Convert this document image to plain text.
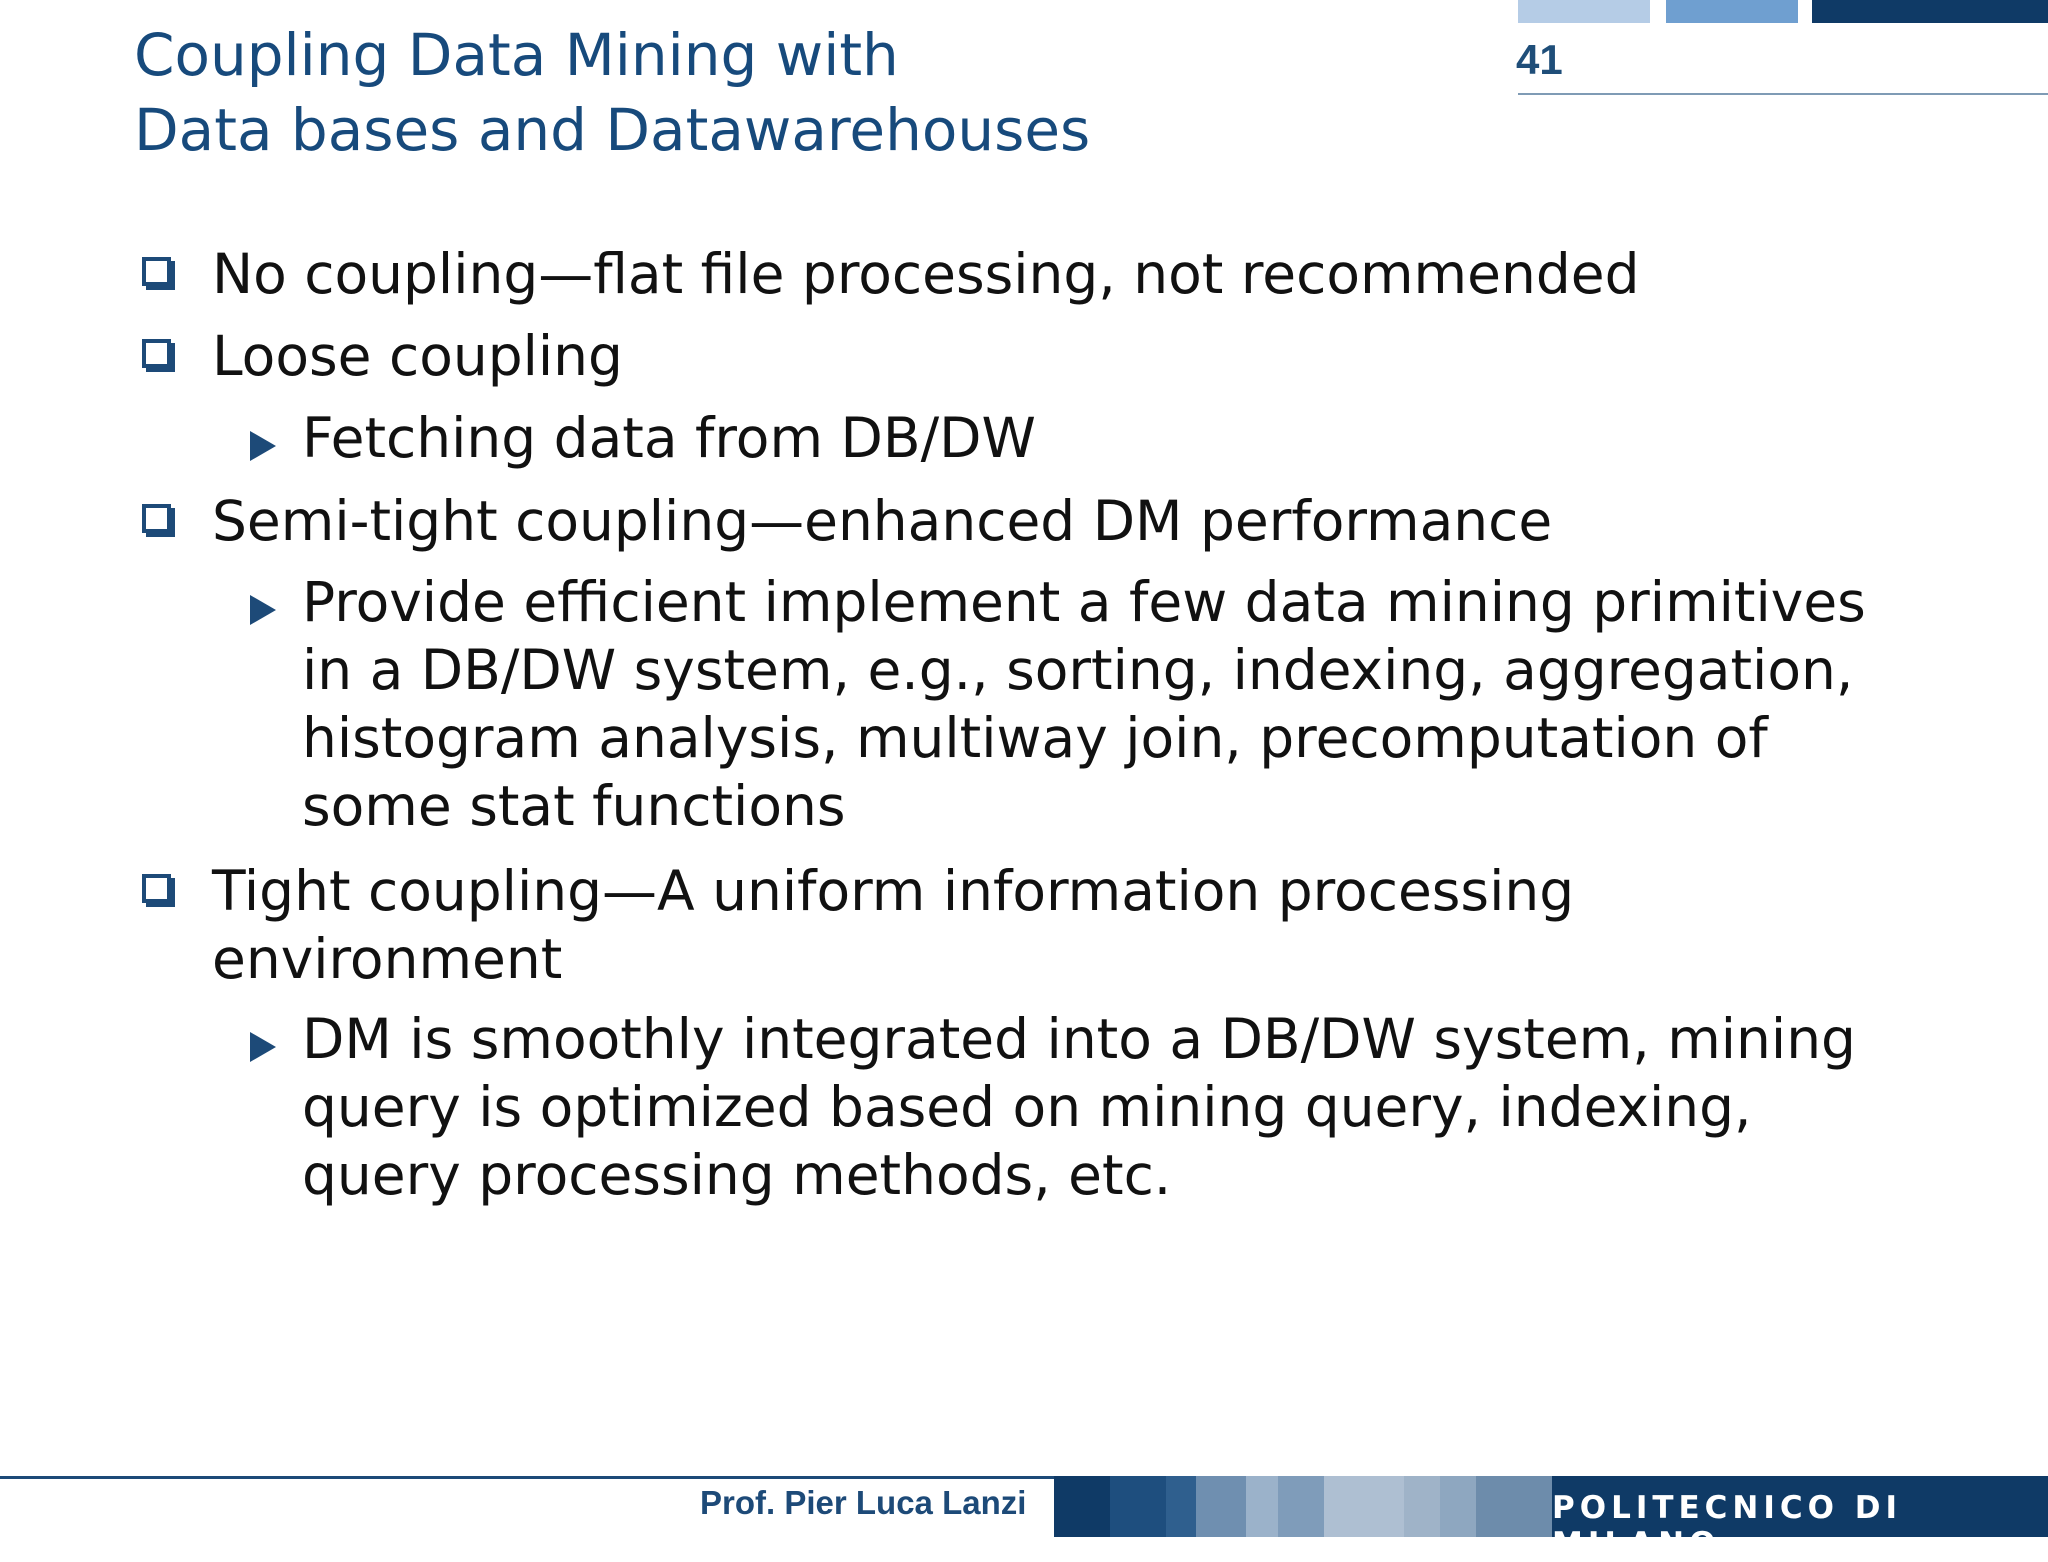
41
Coupling Data Mining with
Data bases and Datawarehouses
No coupling—flat file processing, not recommended
Loose coupling
Fetching data from DB/DW
Semi-tight coupling—enhanced DM performance
Provide efficient implement a few data mining primitives
in a DB/DW system, e.g., sorting, indexing, aggregation,
histogram analysis, multiway join, precomputation of
some stat functions
Tight coupling—A uniform information processing
environment
DM is smoothly integrated into a DB/DW system, mining
query is optimized based on mining query, indexing,
query processing methods, etc.
Prof. Pier Luca Lanzi	POLITECNICO DI MILANO
